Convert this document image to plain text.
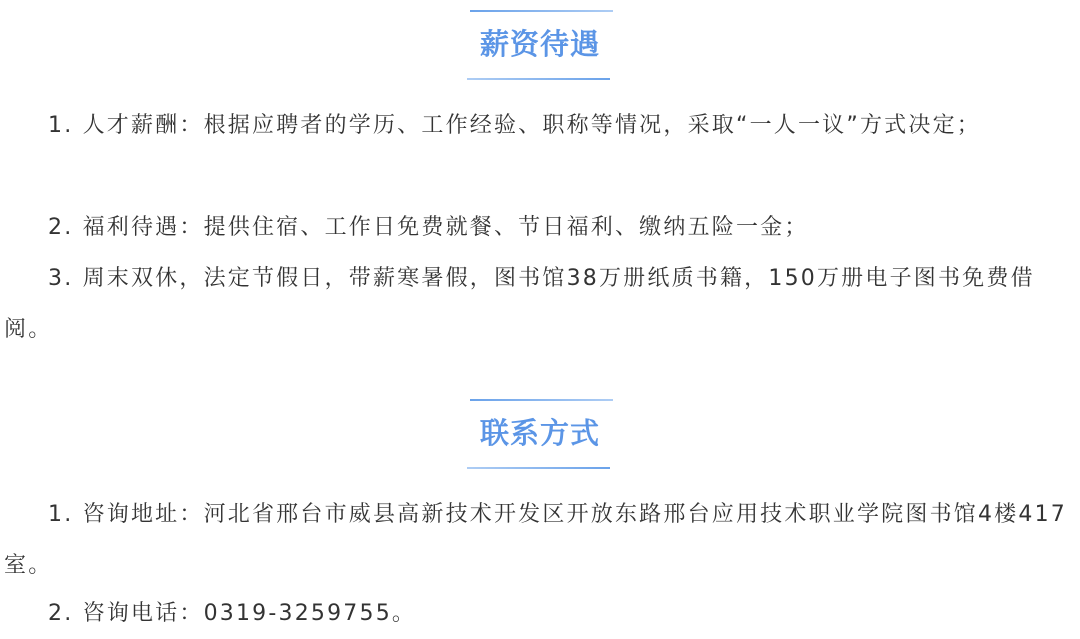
薪资待遇

1. 人才薪酬：根据应聘者的学历、工作经验、职称等情况，采取“一人一议”方式决定；

2. 福利待遇：提供住宿、工作日免费就餐、节日福利、缴纳五险一金；

3. 周末双休，法定节假日，带薪寒暑假，图书馆38万册纸质书籍，150万册电子图书免费借阅。

联系方式

1. 咨询地址：河北省邢台市威县高新技术开发区开放东路邢台应用技术职业学院图书馆4楼417室。

2. 咨询电话：0319-3259755。
